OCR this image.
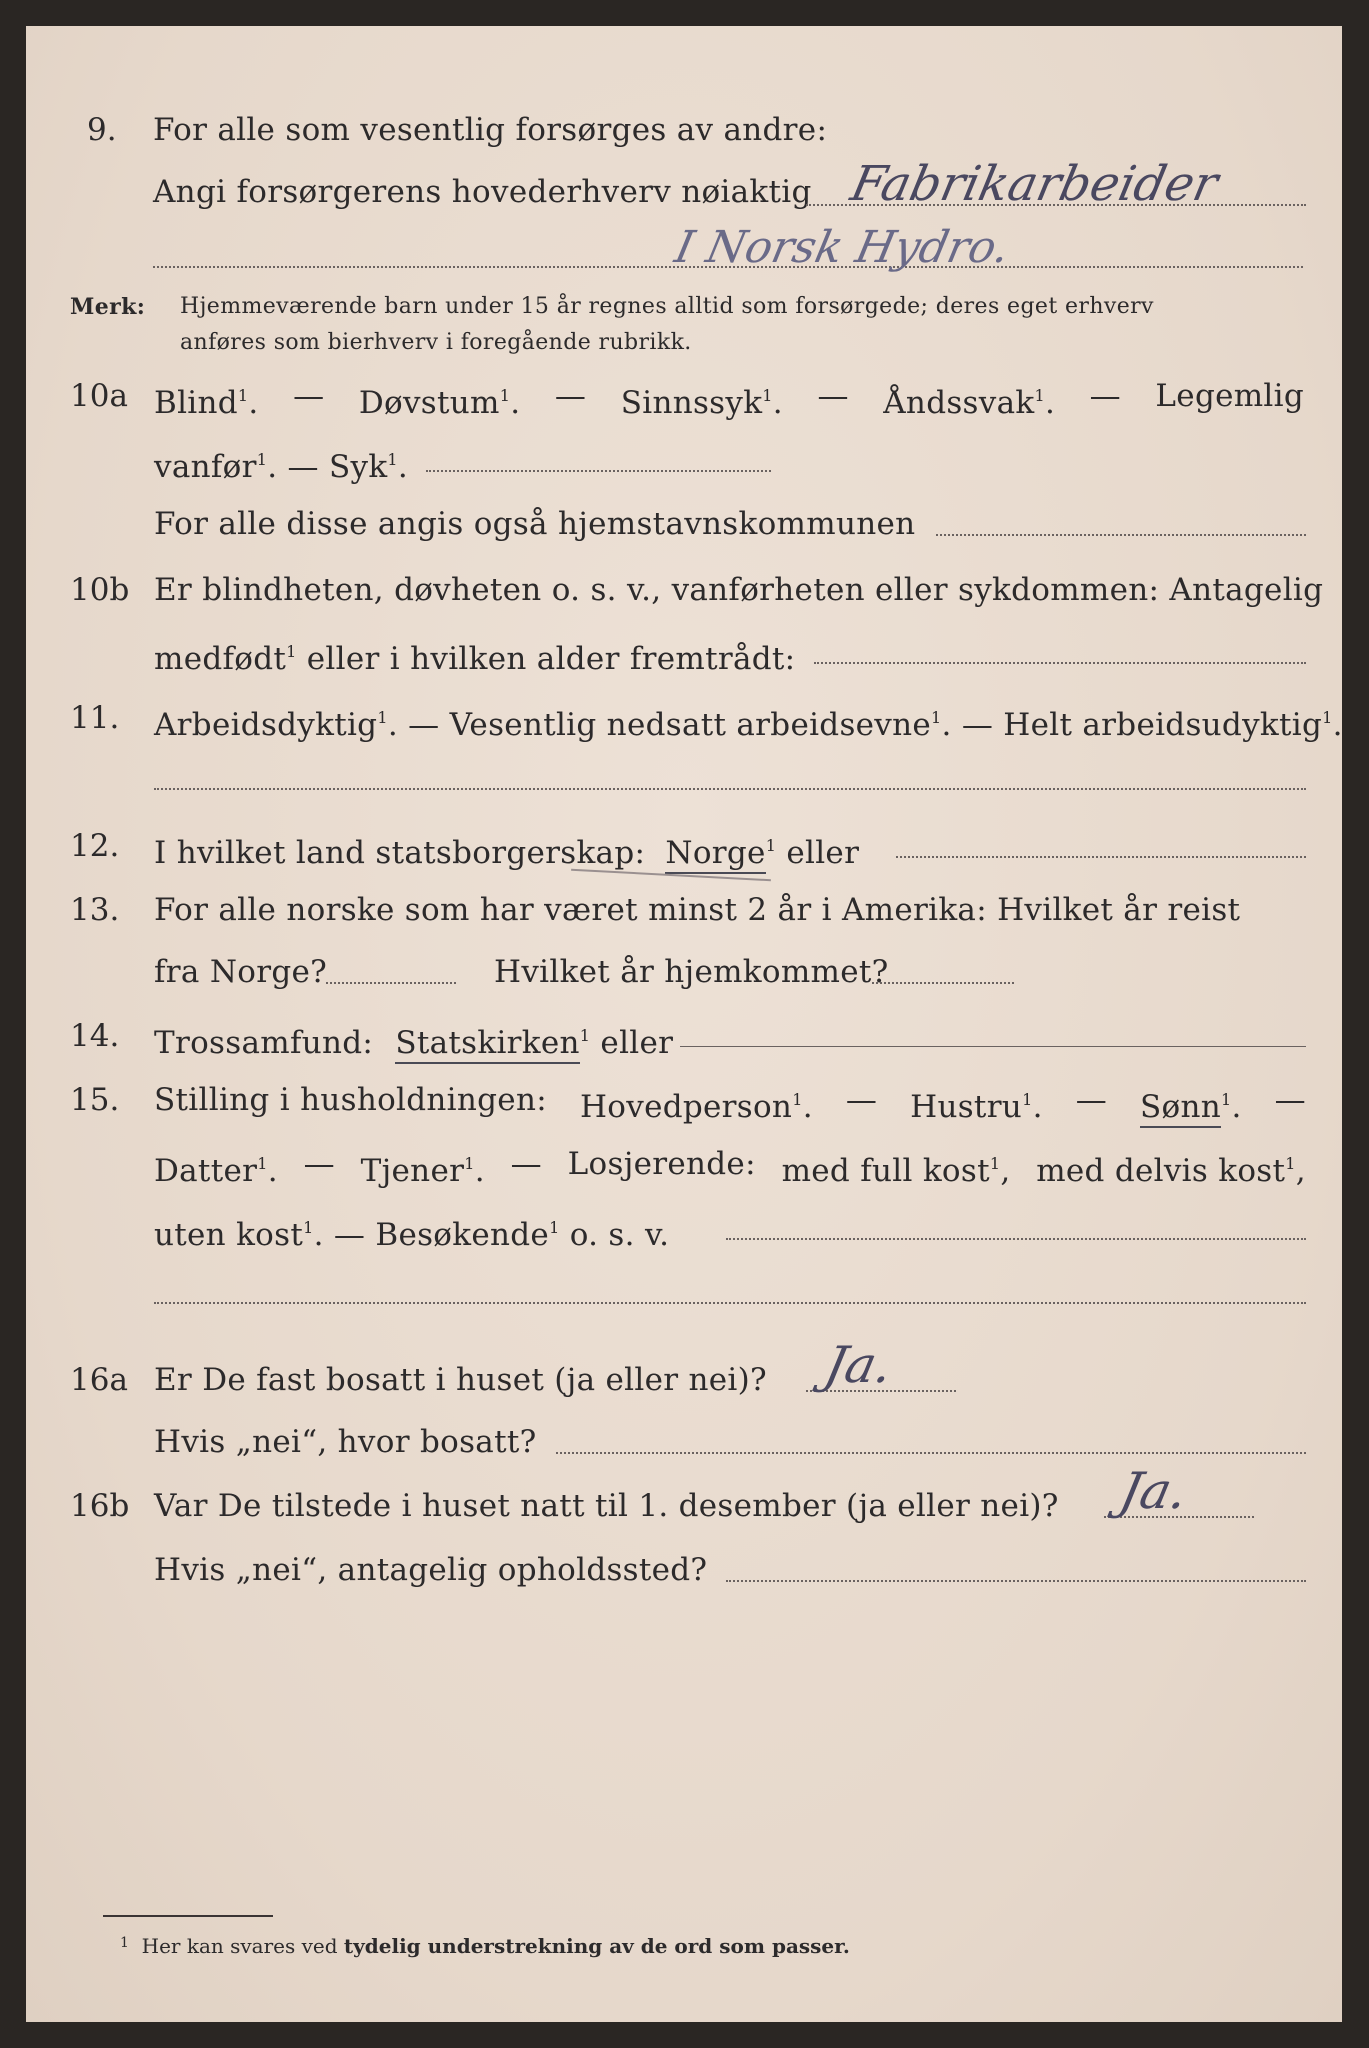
9. For alle som vesentlig forsørges av andre:
Angi forsørgerens hovederhverv nøiaktig Fabrikarbeider
I Norsk Hydro.
Merk: Hjemmeværende barn under 15 år regnes alltid som forsørgede; deres eget erhverv
anføres som bierhverv i foregående rubrikk.
10a Blind$^1$. — Døvstum$^1$. — Sinnssyk$^1$. — Åndssvak$^1$. — Legemlig
vanfør$^1$. — Syk$^1$.
For alle disse angis også hjemstavnskommunen
10b Er blindheten, døvheten o. s. v., vanførheten eller sykdommen: Antagelig
medfødt$^1$ eller i hvilken alder fremtrådt:
11. Arbeidsdyktig$^1$. — Vesentlig nedsatt arbeidsevne$^1$. — Helt arbeidsudyktig$^1$.
12. I hvilket land statsborgerskap: Norge$^1$ eller
13. For alle norske som har været minst 2 år i Amerika: Hvilket år reist
fra Norge?	Hvilket år hjemkommet?
14. Trossamfund: Statskirken$^1$ eller
15. Stilling i husholdningen: Hovedperson$^1$. — Hustru$^1$. — Sønn$^1$. —
Datter$^1$. — Tjener$^1$. — Losjerende: med full kost$^1$, med delvis kost$^1$,
uten kost$^1$. — Besøkende$^1$ o. s. v.
16a Er De fast bosatt i huset (ja eller nei)? Ja.
Hvis „nei“, hvor bosatt?
16b Var De tilstede i huset natt til 1. desember (ja eller nei)? Ja.
Hvis „nei“, antagelig opholdssted?
$^1$ Her kan svares ved tydelig understrekning av de ord som passer.
